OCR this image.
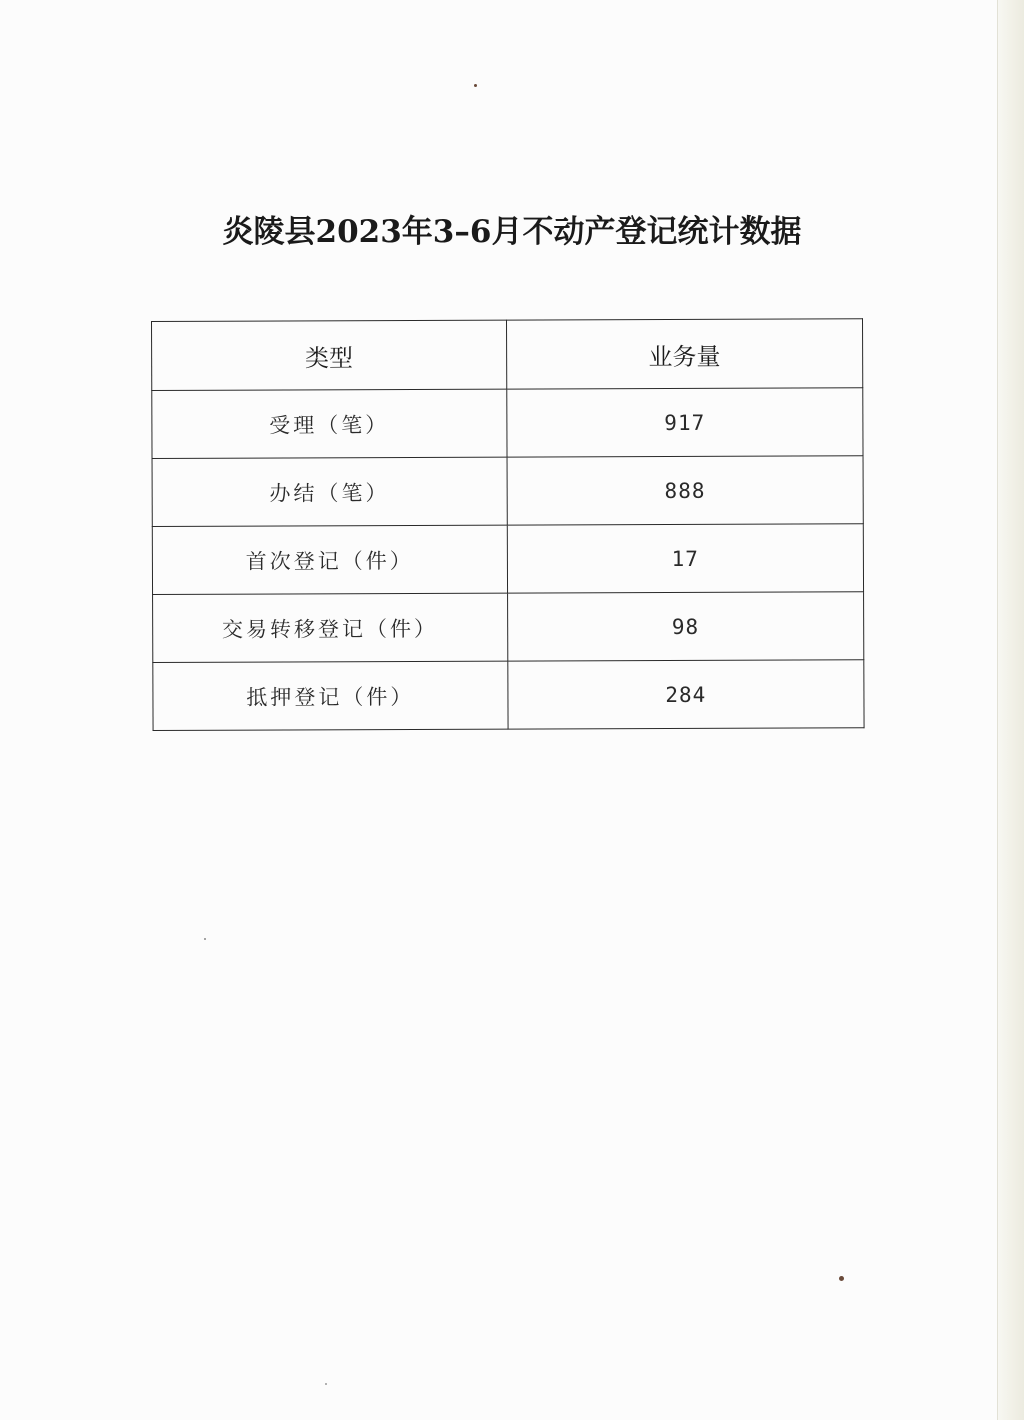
炎陵县2023年3–6月不动产登记统计数据
类型	业务量
受理（笔）	917
办结（笔）	888
首次登记（件）	17
交易转移登记（件）	98
抵押登记（件）	284
